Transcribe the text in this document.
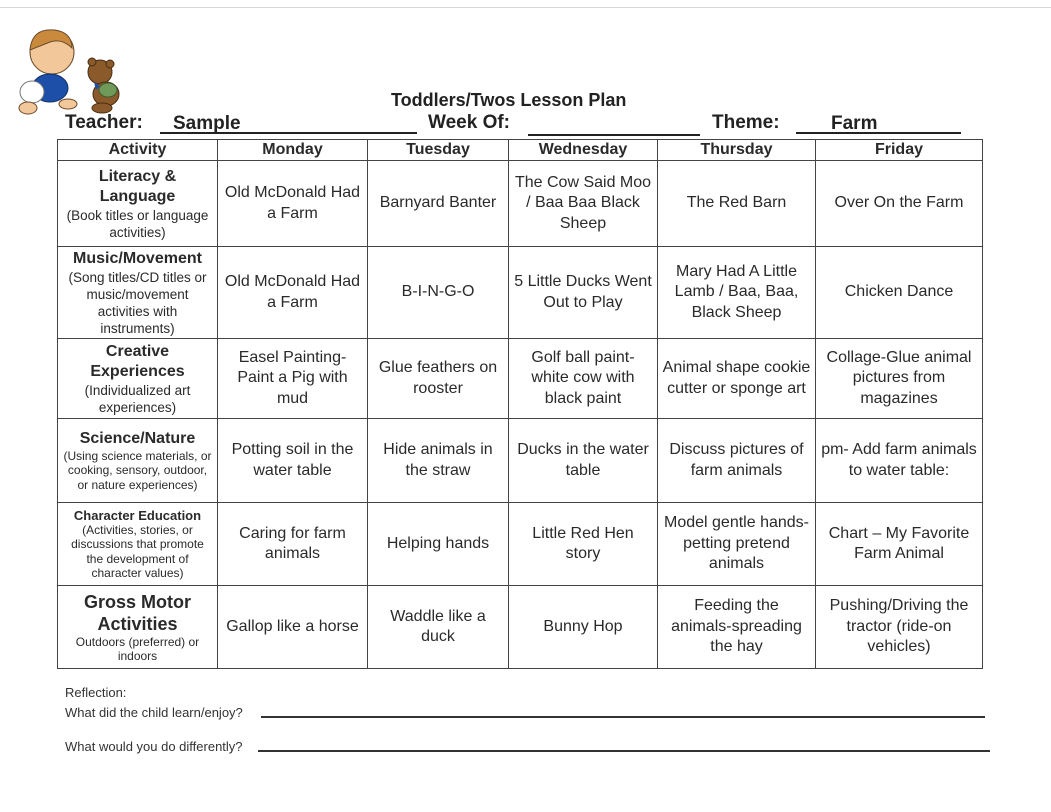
Toddlers/Twos Lesson Plan
Teacher:	Sample	Week Of:	Theme:	Farm
Activity	Monday	Tuesday	Wednesday	Thursday	Friday

Literacy & Language
(Book titles or language activities)	Old McDonald Had a Farm	Barnyard Banter	The Cow Said Moo / Baa Baa Black Sheep	The Red Barn	Over On the Farm

Music/Movement
(Song titles/CD titles or music/movement activities with instruments)	Old McDonald Had a Farm	B-I-N-G-O	5 Little Ducks Went Out to Play	Mary Had A Little Lamb / Baa, Baa, Black Sheep	Chicken Dance

Creative Experiences
(Individualized art experiences)	Easel Painting-Paint a Pig with mud	Glue feathers on rooster	Golf ball paint-white cow with black paint	Animal shape cookie cutter or sponge art	Collage-Glue animal pictures from magazines

Science/Nature
(Using science materials, or cooking, sensory, outdoor, or nature experiences)	Potting soil in the water table	Hide animals in the straw	Ducks in the water table	Discuss pictures of farm animals	pm- Add farm animals to water table:

Character Education
(Activities, stories, or discussions that promote the development of character values)	Caring for farm animals	Helping hands	Little Red Hen story	Model gentle hands-petting pretend animals	Chart – My Favorite Farm Animal

Gross Motor Activities
Outdoors (preferred) or indoors	Gallop like a horse	Waddle like a duck	Bunny Hop	Feeding the animals-spreading the hay	Pushing/Driving the tractor (ride-on vehicles)
Reflection:
What did the child learn/enjoy?
What would you do differently?
